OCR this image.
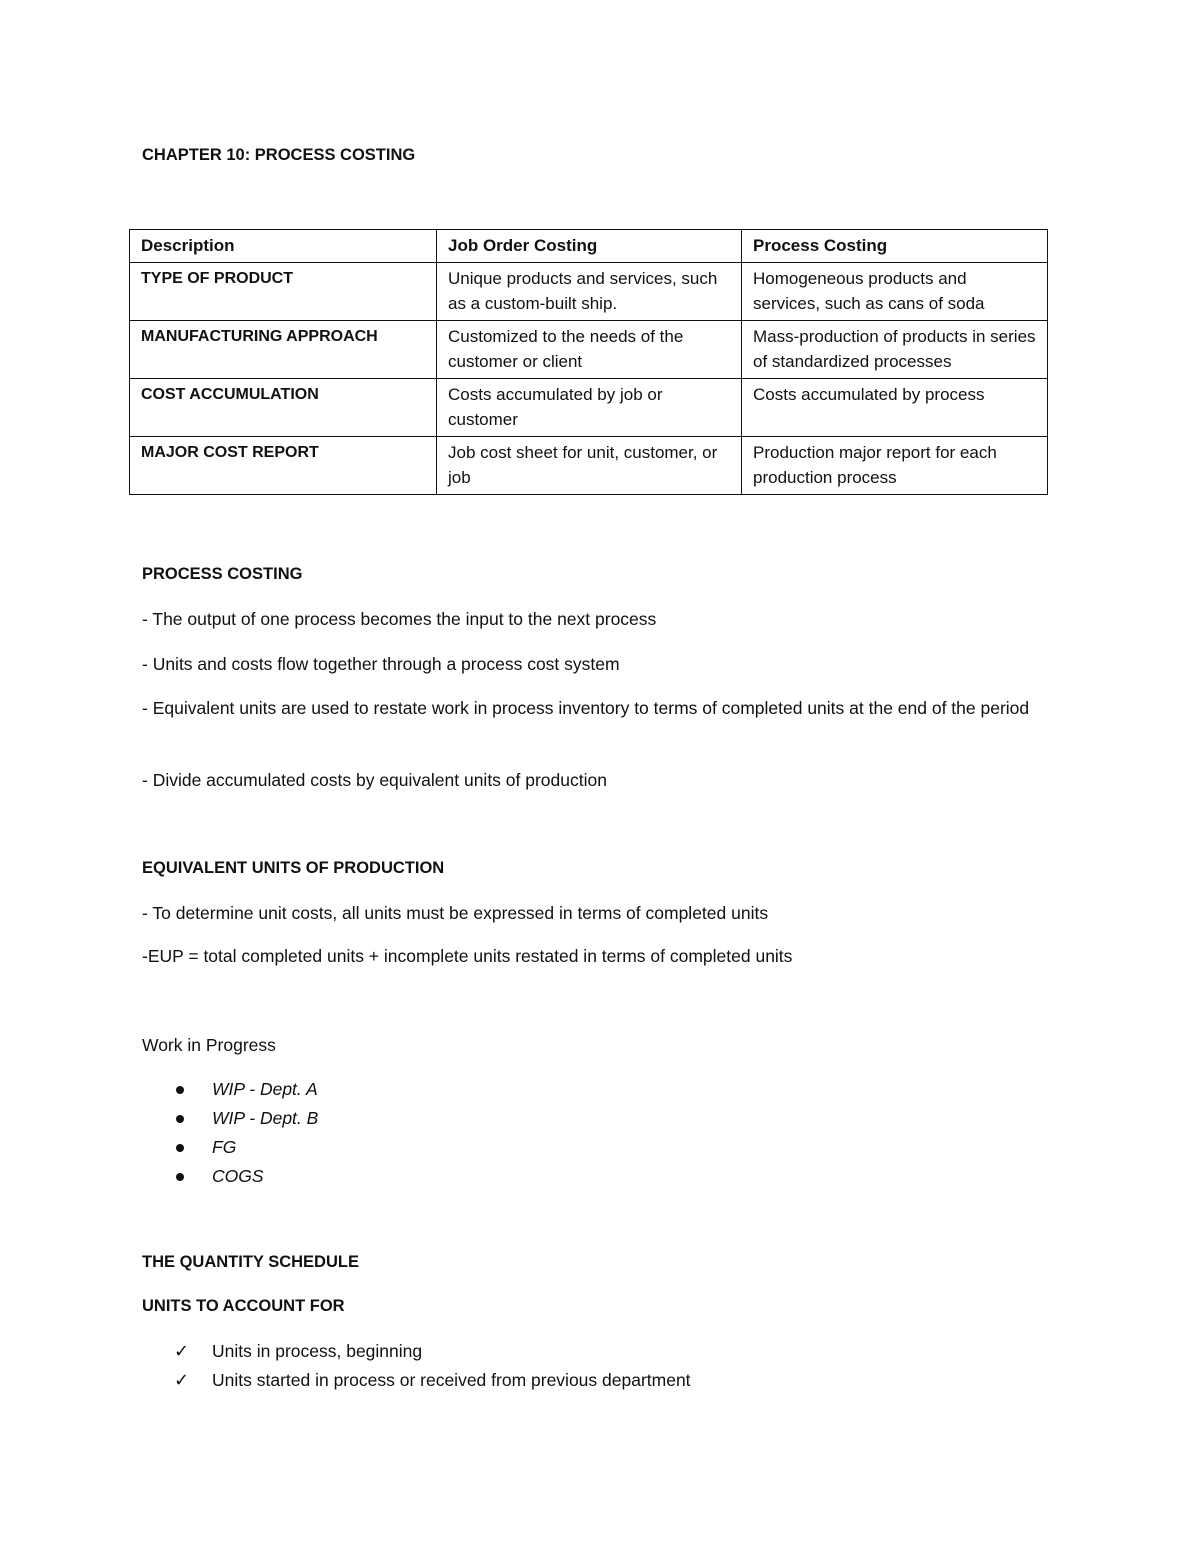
CHAPTER 10: PROCESS COSTING
Description	Job Order Costing	Process Costing
TYPE OF PRODUCT	Unique products and services, such as a custom-built ship.	Homogeneous products and services, such as cans of soda
MANUFACTURING APPROACH	Customized to the needs of the customer or client	Mass-production of products in series of standardized processes
COST ACCUMULATION	Costs accumulated by job or customer	Costs accumulated by process
MAJOR COST REPORT	Job cost sheet for unit, customer, or job	Production major report for each production process
PROCESS COSTING
- The output of one process becomes the input to the next process
- Units and costs flow together through a process cost system
- Equivalent units are used to restate work in process inventory to terms of completed units at the end of the period
- Divide accumulated costs by equivalent units of production
EQUIVALENT UNITS OF PRODUCTION
- To determine unit costs, all units must be expressed in terms of completed units
-EUP = total completed units + incomplete units restated in terms of completed units
Work in Progress
WIP - Dept. A
WIP - Dept. B
FG
COGS
THE QUANTITY SCHEDULE
UNITS TO ACCOUNT FOR
✓ Units in process, beginning
✓ Units started in process or received from previous department
